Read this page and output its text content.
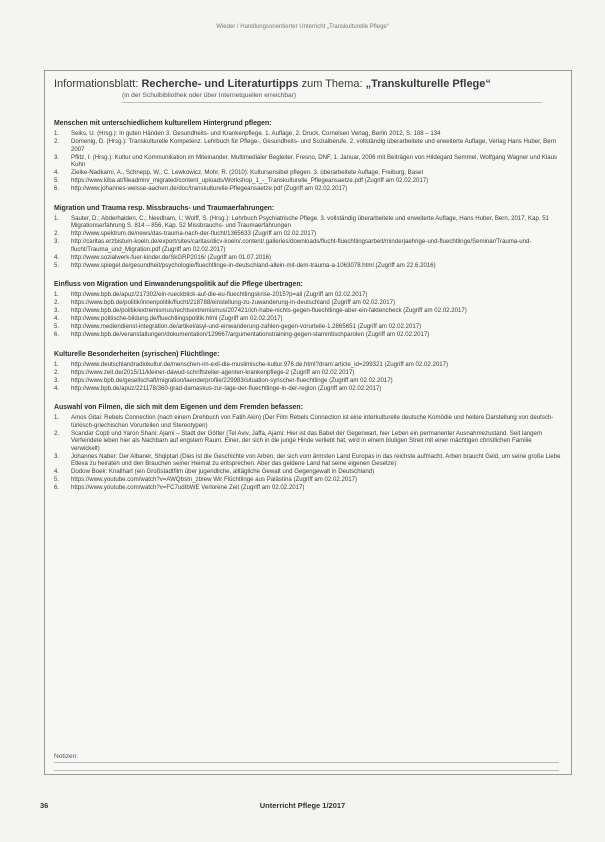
Wieder / Handlungsorientierter Unterricht „Transkulturelle Pflege“

Informationsblatt: Recherche- und Literaturtipps zum Thema: „Transkulturelle Pflege“

(in der Schulbibliothek oder über Internetquellen erreichbar)
Menschen mit unterschiedlichem kulturellem Hintergrund pflegen:
1. Seiks, U. (Hrsg.): In guten Händen 3. Gesundheits- und Krankenpflege. 1. Auflage, 2. Druck, Cornelsen Verlag, Berlin 2012, S. 108 – 134
2. Domenig, D. (Hrsg.): Transkulturelle Kompetenz. Lehrbuch für Pflege-, Gesundheits- und Sozialberufe. 2. vollständig überarbeitete und erweiterte Auflage, Verlag Hans Huber, Bern 2007
3. Pflitz, I. (Hrsg.): Kultur und Kommunikation im Miteinander. Multimedialer Begleiter. Fresno, DNF, 1. Januar, 2006 mit Beiträgen von Hildegard Semmel, Wolfgang Wagner und Klaus Kuhn
4. Zielke-Nadkarni, A., Schnepp, W.; C. Lewkowicz, Mohr, R. (2010): Kultursensibel pflegen. 3. überarbeitete Auflage, Freiburg, Basel
5. https://www.kiba.at/fileadmin/_migrated/content_uploads/Workshop_1_-_Transkulturelle_Pflegeansaetze.pdf (Zugriff am 02.02.2017)
6. http://www.johannes-weisse-aachen.de/doc/transkulturelle-Pflegeansaetze.pdf (Zugriff am 02.02.2017)
Migration und Trauma resp. Missbrauchs- und Traumaerfahrungen:
1. Sauter, D.; Abderhalden, C.; Needham, I.; Wolff, S. (Hrsg.): Lehrbuch Psychiatrische Pflege. 3. vollständig überarbeitete und erweiterte Auflage, Hans Huber, Bern, 2017, Kap. 51 Migrationserfahrung S. 814 – 856, Kap. 52 Missbrauchs- und Traumaerfahrungen
2. http://www.spektrum.de/news/das-trauma-nach-der-flucht/1365633 (Zugriff am 02.02.2017)
3. http://caritas.erzbistum-koeln.de/export/sites/caritas/dicv-koeln/.content/.galleries/downloads/flucht-fluechtlingsarbeit/minderjaehrige-und-fluechtlinge/Seminar/Trauma-und-flucht/Trauma_und_Migration.pdf (Zugriff am 02.02.2017)
4. http://www.sozialwerk-fuer-kinder.de/SkGRP2016/ (Zugriff am 01.07.2016)
5. http://www.spiegel.de/gesundheit/psychologie/fluechtlinge-in-deutschland-allein-mit-dem-trauma-a-1063078.html (Zugriff am 22.6.2016)
Einfluss von Migration und Einwanderungspolitik auf die Pflege übertragen:
1. http://www.bpb.de/apuz/217302/ein-rueckblick-auf-die-eu-fluechtlingskrise-2015?p=all (Zugriff am 02.02.2017)
2. https://www.bpb.de/politik/innenpolitik/flucht/218788/einstellung-zu-zuwanderung-in-deutschland (Zugriff am 02.02.2017)
3. http://www.bpb.de/politik/extremismus/rechtsextremismus/207421/ich-habe-nichts-gegen-fluechtlinge-aber-ein-faktencheck (Zugriff am 02.02.2017)
4. http://www.politische-bildung.de/fluechtlingspolitik.html (Zugriff am 02.02.2017)
5. http://www.mediendienst-integration.de/artikel/asyl-und-einwanderung-zahlen-gegen-vorurteile-1.2865651 (Zugriff am 02.02.2017)
6. http://www.bpb.de/veranstaltungen/dokumentation/129667/argumentationstraining-gegen-stammtischparolen (Zugriff am 02.02.2017)
Kulturelle Besonderheiten (syrischen) Flüchtlinge:
1. http://www.deutschlandradiokultur.de/menschen-im-exil-die-muslimische-kultur.976.de.html?dram:article_id=299321 (Zugriff am 02.02.2017)
2. https://www.zeit.de/2015/11/kleiner-dawud-schriftsteller-agenten-krankenpflege-2 (Zugriff am 02.02.2017)
3. https://www.bpb.de/gesellschaft/migration/laenderprofile/229983/situation-syrischer-fluechtlinge (Zugriff am 02.02.2017)
4. http://www.bpb.de/apuz/221178/360-grad-damaskus-zur-lage-der-fluechtlinge-in-der-region (Zugriff am 02.02.2017)
Auswahl von Filmen, die sich mit dem Eigenen und dem Fremden befassen:
1. Amos Gitai: Rebels Connection (nach einem Drehbuch von Fatih Akin) (Der Film Rebels Connection ist eine interkulturelle deutsche Komödie und heitere Darstellung von deutsch-türkisch-griechischen Vorurteilen und Stereotypen)
2. Scandar Copti und Yaron Shani: Ajami – Stadt der Götter (Tel Aviv, Jaffa, Ajami: Hier ist das Babel der Gegenwart, hier Leben ein permanenter Ausnahmezustand. Seit langem Verfeindete leben hier als Nachbarn auf engstem Raum. Einer, der sich in die junge Hinde verliebt hat, wird in einem blutigen Streit mit einer mächtigen christlichen Familie verwickelt)
3. Johannes Naber: Der Albaner, Shqiptari (Dies ist die Geschichte von Arben, der sich vom ärmsten Land Europas in das reichste aufmacht. Arben braucht Geld, um seine große Liebe Etleva zu heiraten und den Brauchen seiner Heimat zu entsprechen. Aber das geldene Land hat seine eigenen Gesetze)
4. Dodow Boek: Knallhart (ein Großstadtfilm über jugendliche, alltägliche Gewalt und Gegengewalt in Deutschland)
5. https://www.youtube.com/watch?v=AWQbsIn_zbIew Wir Flüchtlinge aus Palästina (Zugriff am 02.02.2017)
6. https://www.youtube.com/watch?v=FC7udIbWE Verlorene Zeit (Zugriff am 02.02.2017)
Notizen:
36	Unterricht Pflege 1/2017
